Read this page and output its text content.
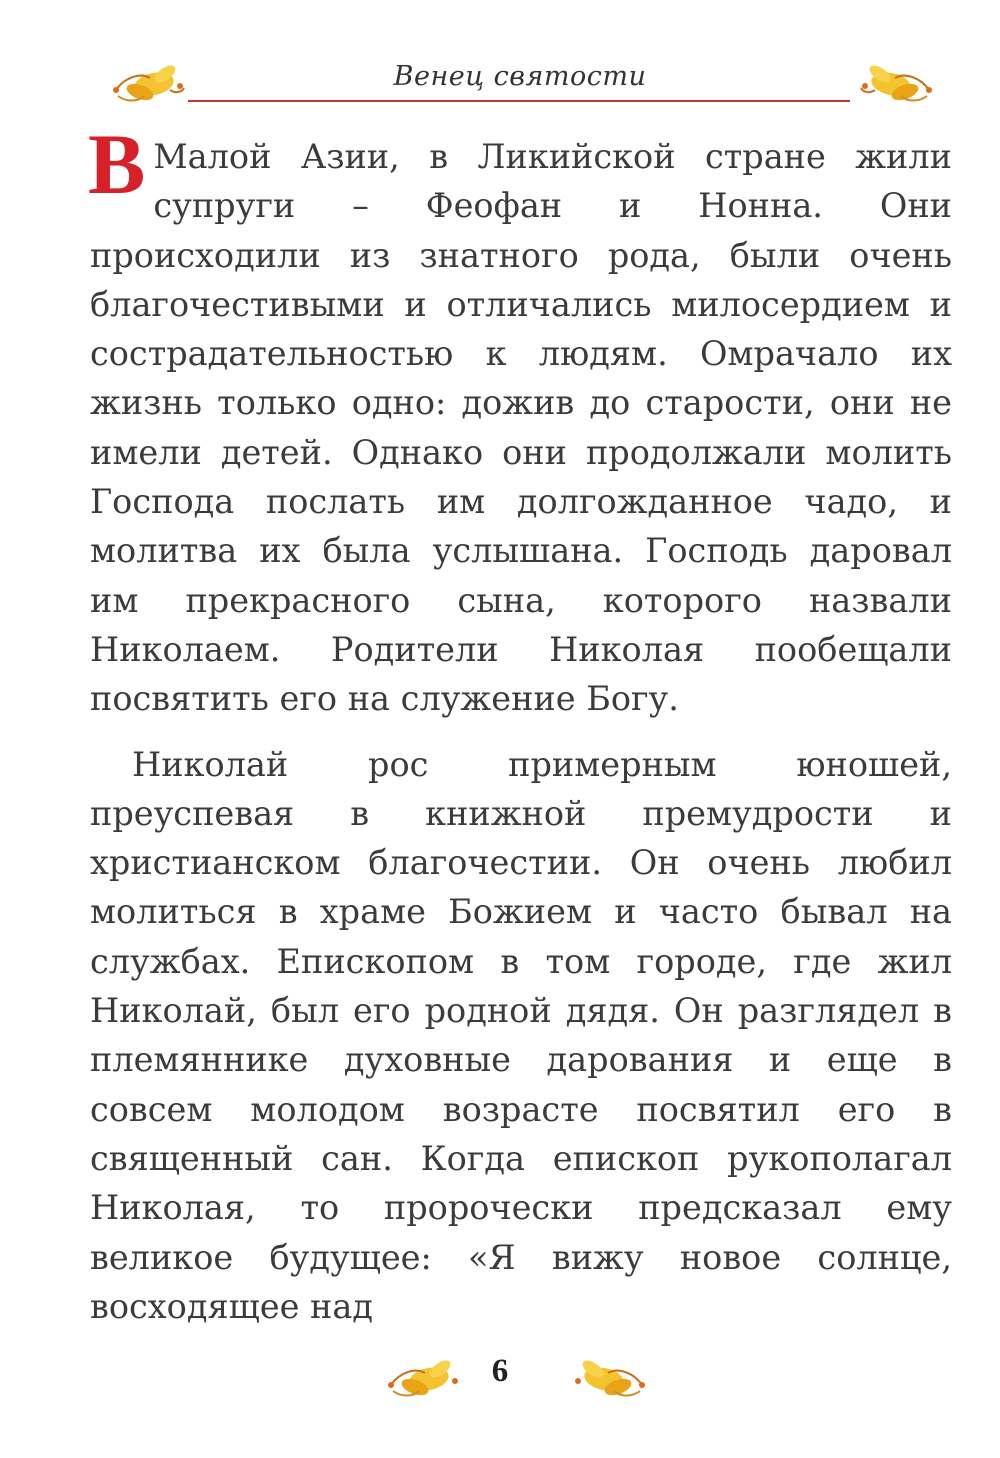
Венец святости

В Малой Азии, в Ликийской стране жили супруги – Феофан и Нонна. Они происходили из знатного рода, были очень благочестивыми и отличались милосердием и сострадательностью к людям. Омрачало их жизнь только одно: дожив до старости, они не имели детей. Однако они продолжали молить Господа послать им долгожданное чадо, и молитва их была услышана. Господь даровал им прекрасного сына, которого назвали Николаем. Родители Николая пообещали посвятить его на служение Богу.

Николай рос примерным юношей, преуспевая в книжной премудрости и христианском благочестии. Он очень любил молиться в храме Божием и часто бывал на службах. Епископом в том городе, где жил Николай, был его родной дядя. Он разглядел в племяннике духовные дарования и еще в совсем молодом возрасте посвятил его в священный сан. Когда епископ рукополагал Николая, то пророчески предсказал ему великое будущее: «Я вижу новое солнце, восходящее над

6
